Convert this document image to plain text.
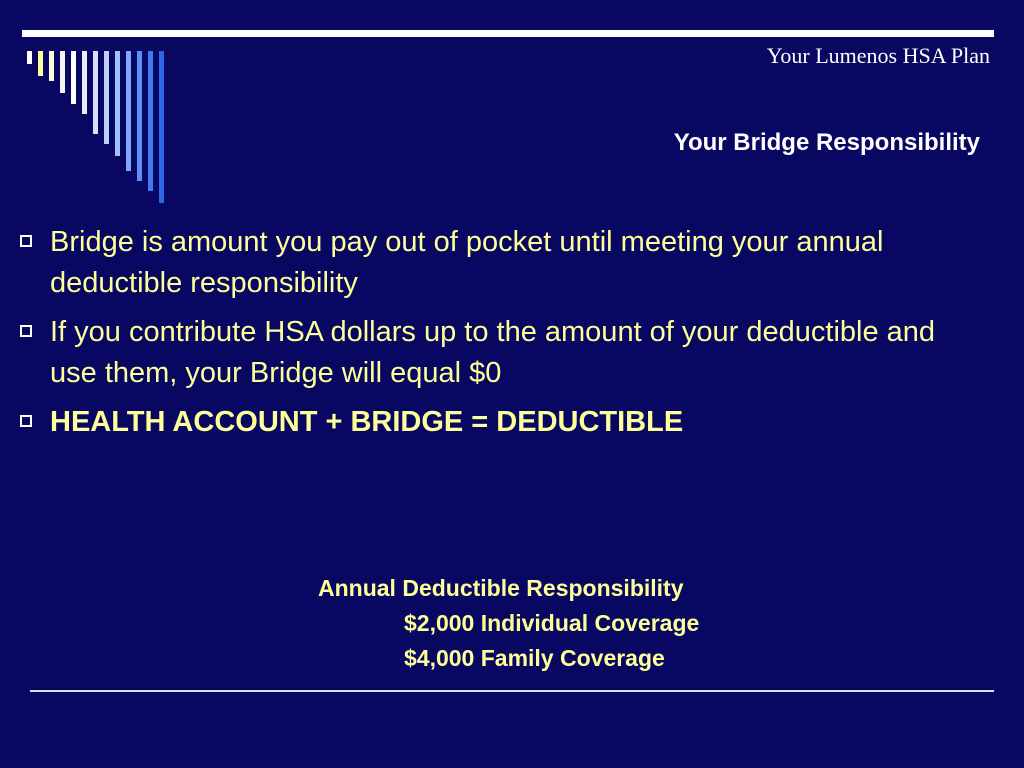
Your Lumenos HSA Plan
Your Bridge Responsibility
Bridge is amount you pay out of pocket until meeting your annual deductible responsibility
If you contribute HSA dollars up to the amount of your deductible and use them, your Bridge will equal $0
HEALTH ACCOUNT + BRIDGE = DEDUCTIBLE
Annual Deductible Responsibility
$2,000 Individual Coverage
$4,000 Family Coverage
